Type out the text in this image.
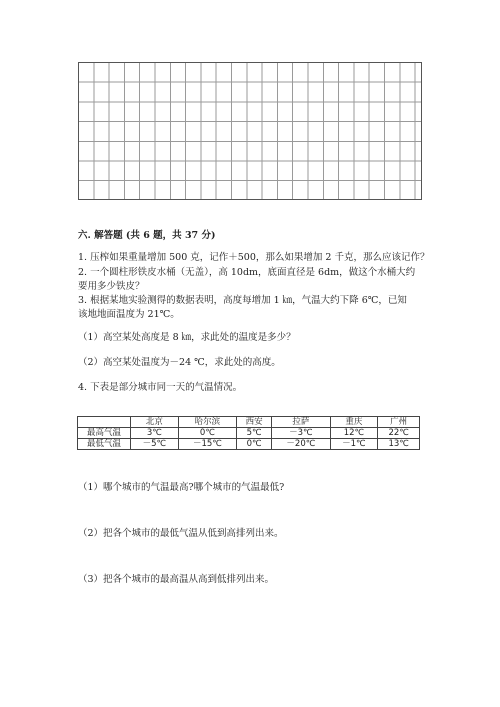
六. 解答题 (共 6 题，共 37 分)
1. 压榨如果重量增加 500 克，记作＋500，那么如果增加 2 千克，那么应该记作？
2. 一个圆柱形铁皮水桶（无盖），高 10dm，底面直径是 6dm，做这个水桶大约
要用多少铁皮？
3. 根据某地实验测得的数据表明，高度每增加 1 ㎞，气温大约下降 6℃，已知
该地地面温度为 21℃。
（1）高空某处高度是 8 ㎞，求此处的温度是多少？
（2）高空某处温度为－24 ℃，求此处的高度。
4. 下表是部分城市同一天的气温情况。
	北京	哈尔滨	西安	拉萨	重庆	广州
最高气温	3℃	0℃	5℃	－3℃	12℃	22℃
最低气温	－5℃	－15℃	0℃	－20℃	－1℃	13℃
（1）哪个城市的气温最高?哪个城市的气温最低?
（2）把各个城市的最低气温从低到高排列出来。
（3）把各个城市的最高温从高到低排列出来。
